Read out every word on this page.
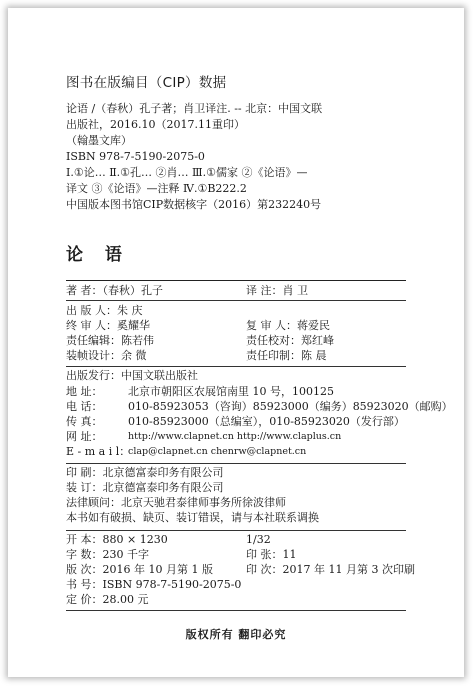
图书在版编目（CIP）数据
论语 /（春秋）孔子著；肖卫译注. -- 北京：中国文联
出版社，2016.10（2017.11重印）
（翰墨文库）
ISBN 978-7-5190-2075-0
Ⅰ.①论… Ⅱ.①孔… ②肖… Ⅲ.①儒家 ②《论语》—
译文 ③《论语》—注释 Ⅳ.①B222.2
中国版本图书馆CIP数据核字（2016）第232240号
论 语
著 者：（春秋）孔子	译 注：肖 卫
出 版 人：朱 庆
终 审 人：奚耀华	复 审 人：蒋爱民
责任编辑：陈若伟	责任校对：郑红峰
装帧设计：余 微	责任印制：陈 晨
出版发行：中国文联出版社
地 址： 北京市朝阳区农展馆南里 10 号，100125
电 话： 010-85923053（咨询）85923000（编务）85923020（邮购）
传 真： 010-85923000（总编室），010-85923020（发行部）
网 址：	http://www.clapnet.cn http://www.claplus.cn
E - m a i l：
clap@clapnet.cn chenrw@clapnet.cn
印 刷：北京德富泰印务有限公司
装 订：北京德富泰印务有限公司
法律顾问：北京天驰君泰律师事务所徐波律师
本书如有破损、缺页、装订错误，请与本社联系调换
开 本：880 × 1230	1/32
字 数：230 千字	印 张：11
版 次：2016 年 10 月第 1 版	印 次：2017 年 11 月第 3 次印刷
书 号：ISBN 978-7-5190-2075-0
定 价：28.00 元
版权所有 翻印必究
